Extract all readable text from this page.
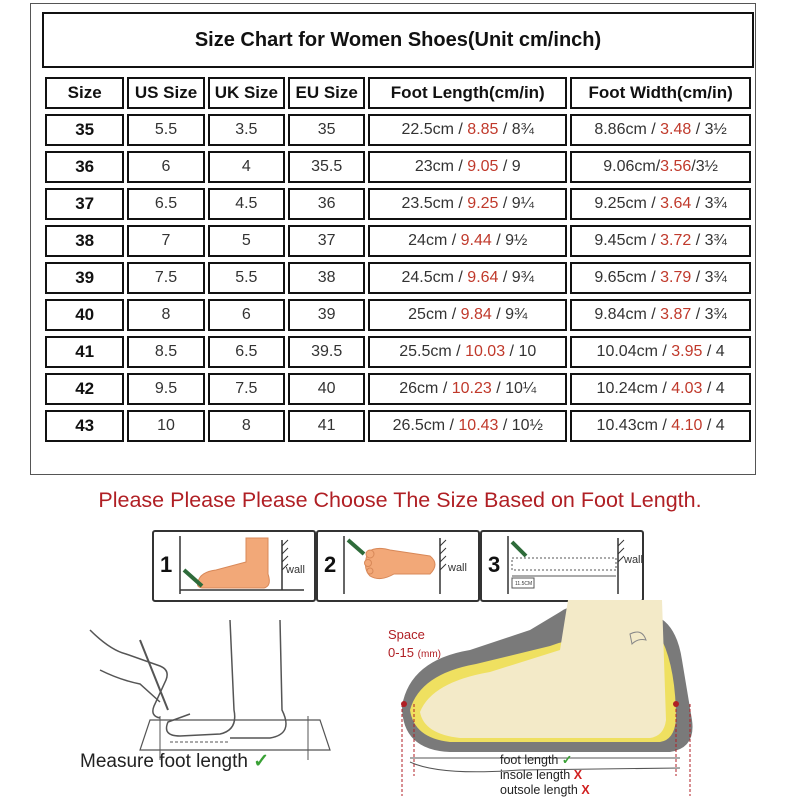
Size Chart for Women Shoes(Unit cm/inch)
Size	US Size	UK Size	EU Size	Foot Length(cm/in)	Foot Width(cm/in)
35	5.5	3.5	35	22.5cm / 8.85 / 8¾	8.86cm / 3.48 / 3½
36	6	4	35.5	23cm / 9.05 / 9	9.06cm/3.56/3½
37	6.5	4.5	36	23.5cm / 9.25 / 9¼	9.25cm / 3.64 / 3¾
38	7	5	37	24cm / 9.44 / 9½	9.45cm / 3.72 / 3¾
39	7.5	5.5	38	24.5cm / 9.64 / 9¾	9.65cm / 3.79 / 3¾
40	8	6	39	25cm / 9.84 / 9¾	9.84cm / 3.87 / 3¾
41	8.5	6.5	39.5	25.5cm / 10.03 / 10	10.04cm / 3.95 / 4
42	9.5	7.5	40	26cm / 10.23 / 10¼	10.24cm / 4.03 / 4
43	10	8	41	26.5cm / 10.43 / 10½	10.43cm / 4.10 / 4
Please Please Please Choose The Size Based on Foot Length.
1	wall 2	wall 3	wall
11.5CM
Measure foot length ✓
Space
0-15 (mm)
foot length ✓
insole length X
outsole length X
